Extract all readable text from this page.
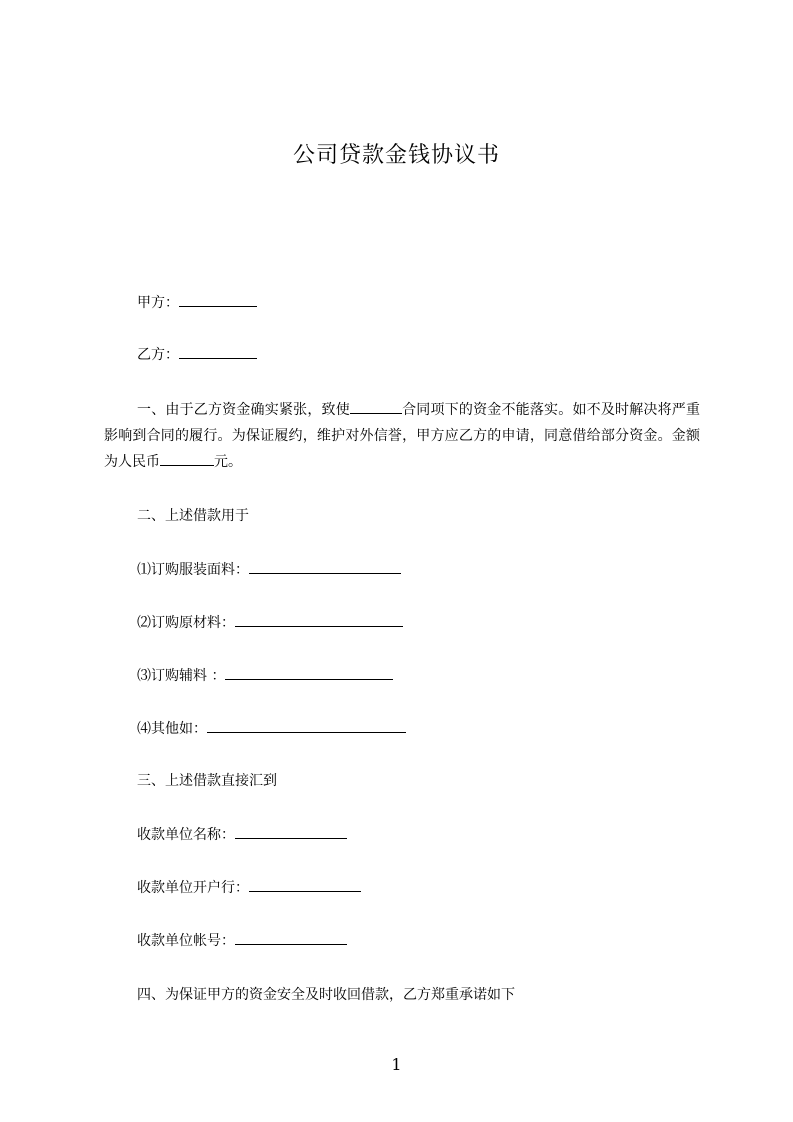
公司贷款金钱协议书
甲方：
乙方：
一、由于乙方资金确实紧张，致使	合同项下的资金不能落实。如不及时解决将严重影响到合同的履行。为保证履约，维护对外信誉，甲方应乙方的申请，同意借给部分资金。金额为人民币	元。
二、上述借款用于
⑴订购服装面料：
⑵订购原材料：
⑶订购辅料 ：
⑷其他如：
三、上述借款直接汇到
收款单位名称：
收款单位开户行：
收款单位帐号：
四、为保证甲方的资金安全及时收回借款，乙方郑重承诺如下
1
